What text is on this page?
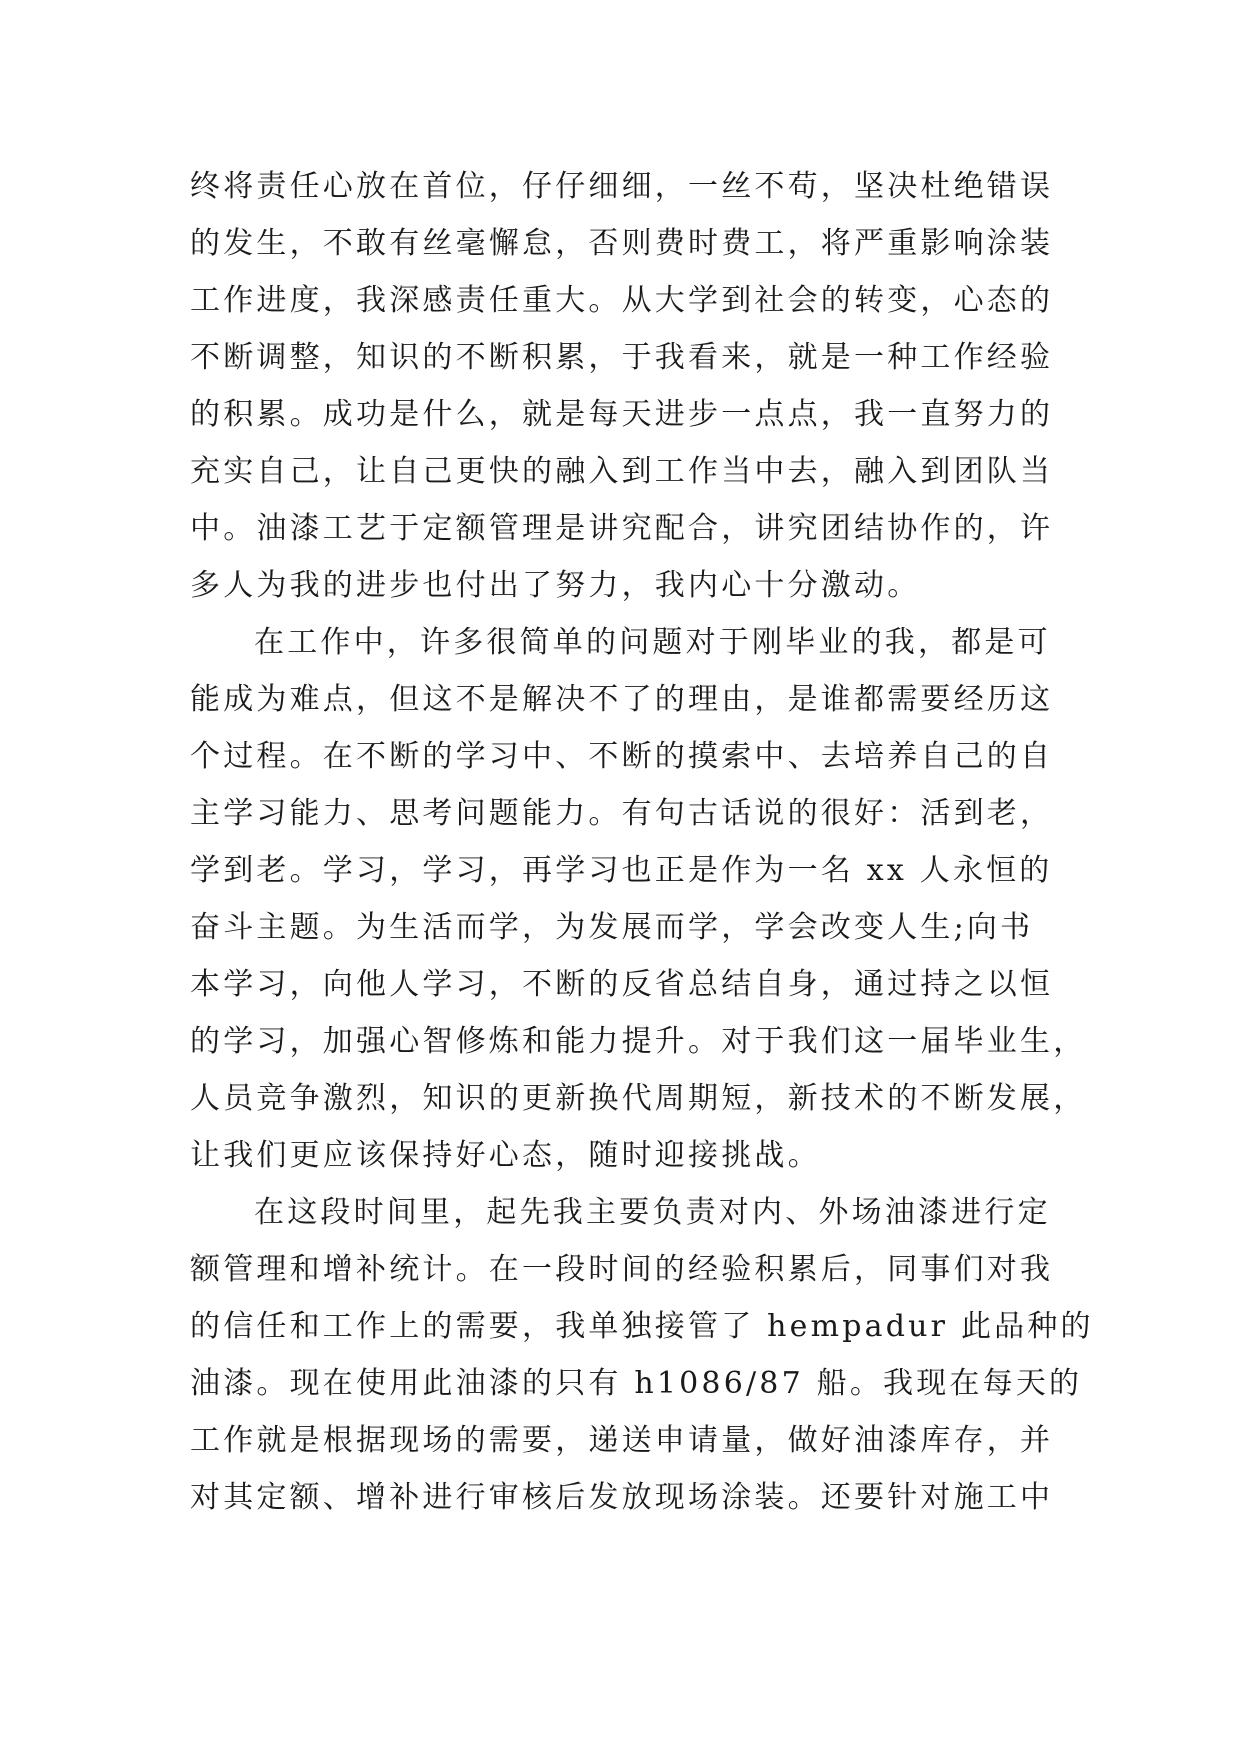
终将责任心放在首位，仔仔细细，一丝不苟，坚决杜绝错误
的发生，不敢有丝毫懈怠，否则费时费工，将严重影响涂装
工作进度，我深感责任重大。从大学到社会的转变，心态的
不断调整，知识的不断积累，于我看来，就是一种工作经验
的积累。成功是什么，就是每天进步一点点，我一直努力的
充实自己，让自己更快的融入到工作当中去，融入到团队当
中。油漆工艺于定额管理是讲究配合，讲究团结协作的，许
多人为我的进步也付出了努力，我内心十分激动。
在工作中，许多很简单的问题对于刚毕业的我，都是可
能成为难点，但这不是解决不了的理由，是谁都需要经历这
个过程。在不断的学习中、不断的摸索中、去培养自己的自
主学习能力、思考问题能力。有句古话说的很好：活到老，
学到老。学习，学习，再学习也正是作为一名 xx 人永恒的
奋斗主题。为生活而学，为发展而学，学会改变人生;向书
本学习，向他人学习，不断的反省总结自身，通过持之以恒
的学习，加强心智修炼和能力提升。对于我们这一届毕业生，
人员竞争激烈，知识的更新换代周期短，新技术的不断发展，
让我们更应该保持好心态，随时迎接挑战。
在这段时间里，起先我主要负责对内、外场油漆进行定
额管理和增补统计。在一段时间的经验积累后，同事们对我
的信任和工作上的需要，我单独接管了 hempadur 此品种的
油漆。现在使用此油漆的只有 h1086/87 船。我现在每天的
工作就是根据现场的需要，递送申请量，做好油漆库存，并
对其定额、增补进行审核后发放现场涂装。还要针对施工中
